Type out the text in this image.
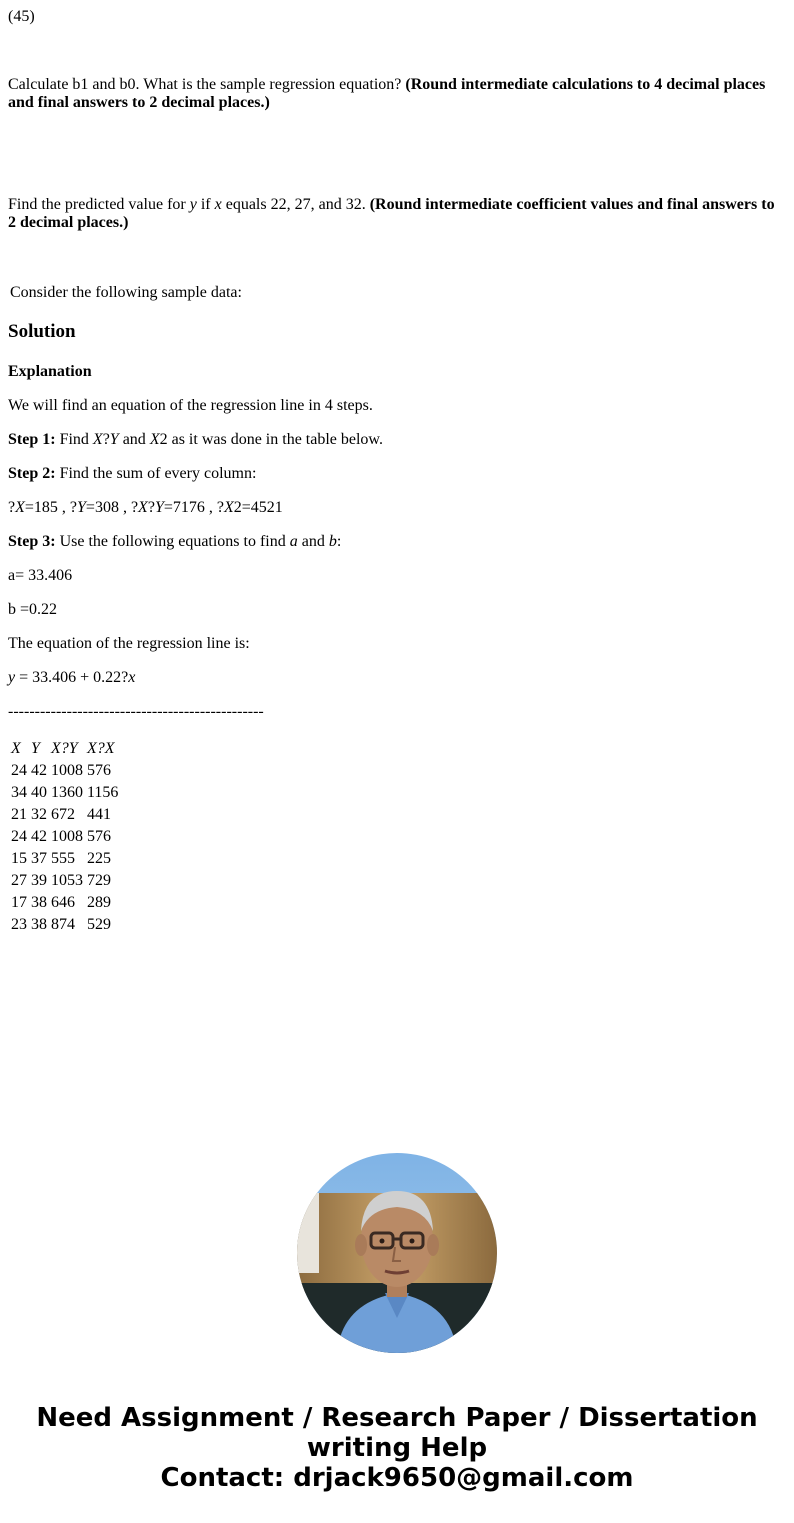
(45)

Calculate b1 and b0. What is the sample regression equation? (Round intermediate calculations to 4 decimal places and final answers to 2 decimal places.)

Find the predicted value for y if x equals 22, 27, and 32. (Round intermediate coefficient values and final answers to 2 decimal places.)

Consider the following sample data:

Solution

Explanation

We will find an equation of the regression line in 4 steps.

Step 1: Find X?Y and X2 as it was done in the table below.

Step 2: Find the sum of every column:

?X=185 , ?Y=308 , ?X?Y=7176 , ?X2=4521

Step 3: Use the following equations to find a and b:

a= 33.406

b =0.22

The equation of the regression line is:

y = 33.406 + 0.22?x

------------------------------------------------

X	Y	X?Y	X?X
24	42	1008	576
34	40	1360	1156
21	32	672	441
24	42	1008	576
15	37	555	225
27	39	1053	729
17	38	646	289
23	38	874	529

Need Assignment / Research Paper / Dissertation
writing Help
Contact: drjack9650@gmail.com
